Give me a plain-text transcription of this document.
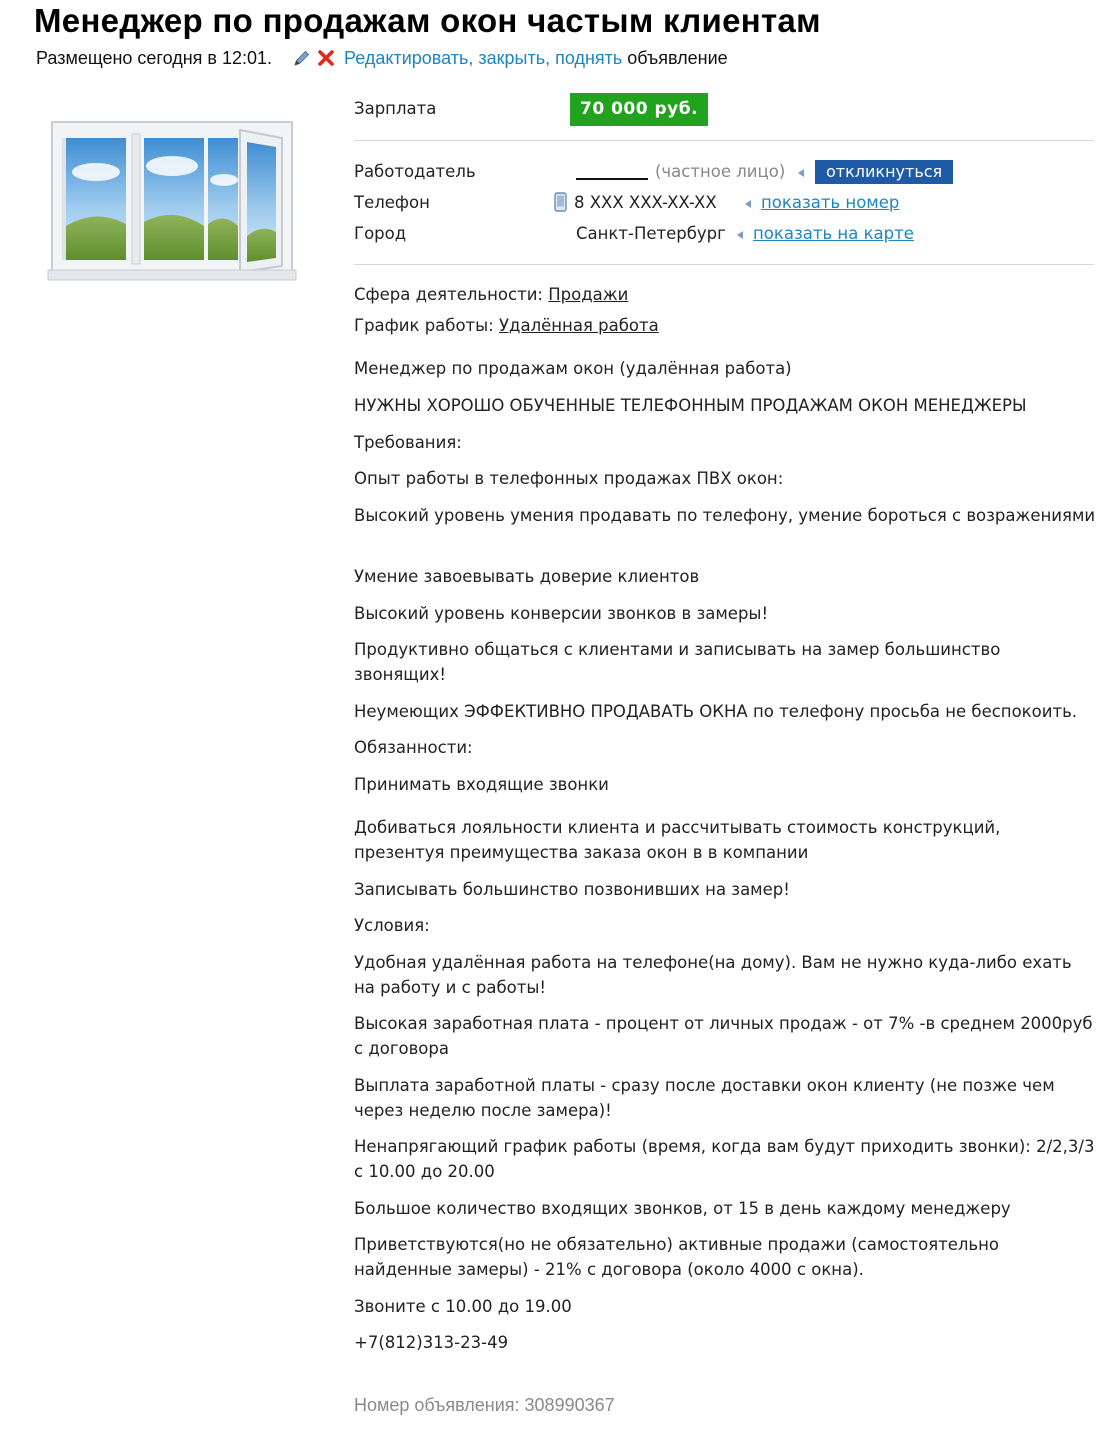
Менеджер по продажам окон частым клиентам
Размещено сегодня в 12:01.	Редактировать, закрыть, поднять объявление
Зарплата	70 000 руб.
Работодатель	(частное лицо)	откликнуться
Телефон	8 XXX XXX-XX-XX	показать номер
Город	Санкт-Петербург показать на карте
Сфера деятельности: Продажи
График работы: Удалённая работа
Менеджер по продажам окон (удалённая работа)
НУЖНЫ ХОРОШО ОБУЧЕННЫЕ ТЕЛЕФОННЫМ ПРОДАЖАМ ОКОН МЕНЕДЖЕРЫ
Требования:
Опыт работы в телефонных продажах ПВХ окон:
Высокий уровень умения продавать по телефону, умение бороться с возражениями
Умение завоевывать доверие клиентов
Высокий уровень конверсии звонков в замеры!
Продуктивно общаться с клиентами и записывать на замер большинство звонящих!
Неумеющих ЭФФЕКТИВНО ПРОДАВАТЬ ОКНА по телефону просьба не беспокоить.
Обязанности:
Принимать входящие звонки
Добиваться лояльности клиента и рассчитывать стоимость конструкций, презентуя преимущества заказа окон в в компании
Записывать большинство позвонивших на замер!
Условия:
Удобная удалённая работа на телефоне(на дому). Вам не нужно куда-либо ехать на работу и с работы!
Высокая заработная плата - процент от личных продаж - от 7% -в среднем 2000руб с договора
Выплата заработной платы - сразу после доставки окон клиенту (не позже чем через неделю после замера)!
Ненапрягающий график работы (время, когда вам будут приходить звонки): 2/2,3/3 с 10.00 до 20.00
Большое количество входящих звонков, от 15 в день каждому менеджеру
Приветствуются(но не обязательно) активные продажи (самостоятельно найденные замеры) - 21% с договора (около 4000 с окна).
Звоните с 10.00 до 19.00
+7(812)313-23-49
Номер объявления: 308990367
